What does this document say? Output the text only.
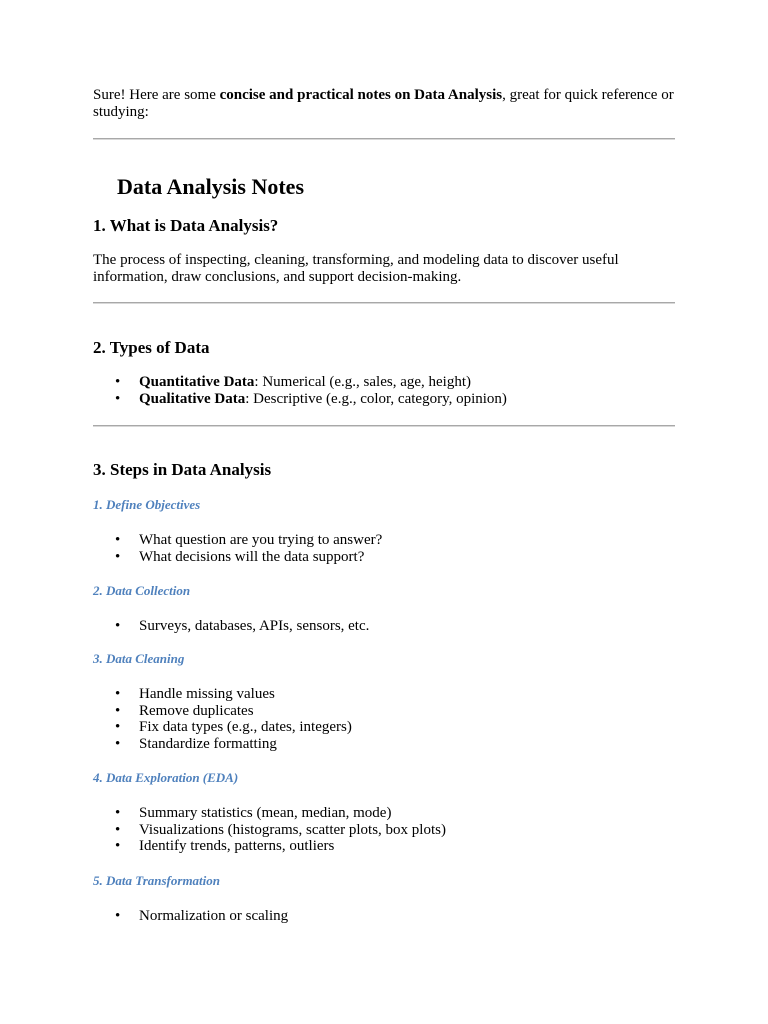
Sure! Here are some concise and practical notes on Data Analysis, great for quick reference or studying:

Data Analysis Notes
1. What is Data Analysis?

The process of inspecting, cleaning, transforming, and modeling data to discover useful information, draw conclusions, and support decision-making.

2. Types of Data
• Quantitative Data: Numerical (e.g., sales, age, height)
• Qualitative Data: Descriptive (e.g., color, category, opinion)
3. Steps in Data Analysis
1. Define Objectives
• What question are you trying to answer?
• What decisions will the data support?
2. Data Collection
• Surveys, databases, APIs, sensors, etc.
3. Data Cleaning
• Handle missing values
• Remove duplicates
• Fix data types (e.g., dates, integers)
• Standardize formatting
4. Data Exploration (EDA)
• Summary statistics (mean, median, mode)
• Visualizations (histograms, scatter plots, box plots)
• Identify trends, patterns, outliers
5. Data Transformation
• Normalization or scaling
